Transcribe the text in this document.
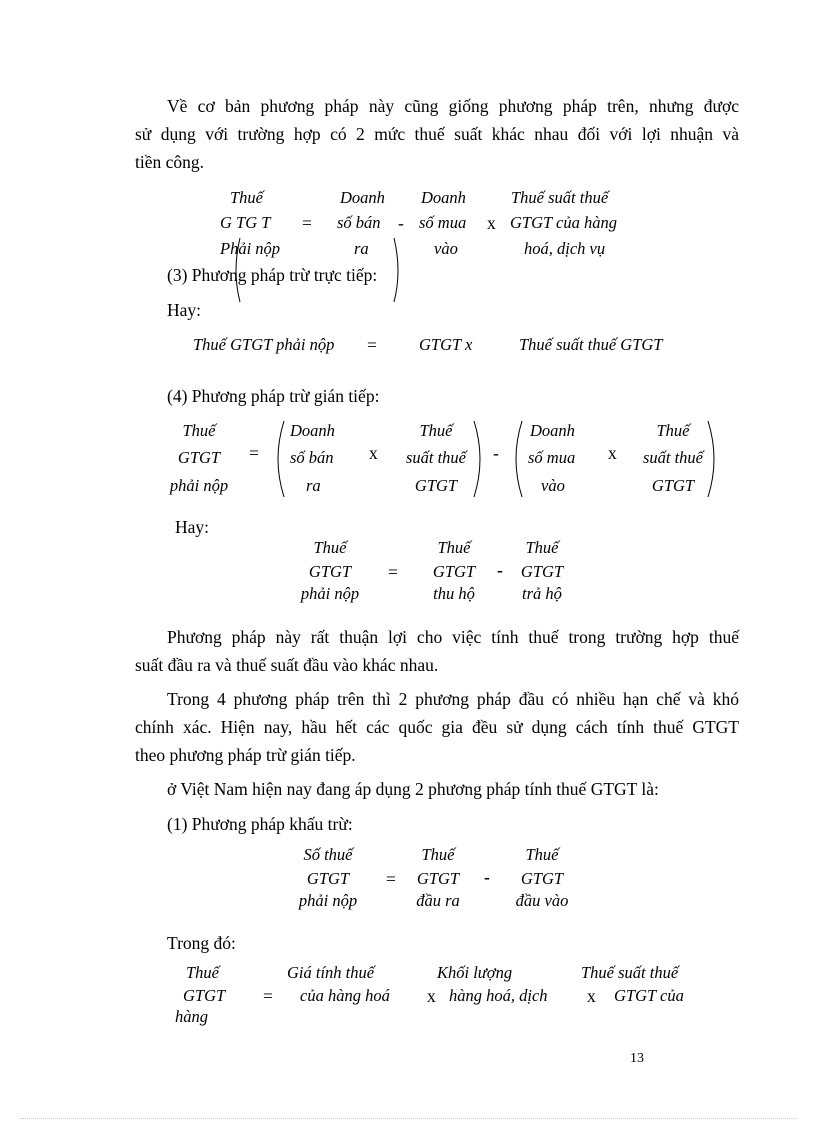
Về cơ bản phương pháp này cũng giống phương pháp trên, nhưng được
sử dụng với trường hợp có 2 mức thuế suất khác nhau đối với lợi nhuận và
tiền công.
Thuế
G TG T
Phải nộp
=
Doanh
số bán
ra
-
Doanh
số mua
vào
x
Thuế suất thuế
GTGT của hàng
hoá, dịch vụ
(3) Phương pháp trừ trực tiếp:
Hay:
Thuế GTGT phải nộp =	GTGT x	Thuế suất thuế GTGT
(4) Phương pháp trừ gián tiếp:
Thuế
GTGT
phải nộp
=
Doanh
số bán
ra
x
Thuế
suất thuế
GTGT
-
Doanh
số mua
vào
x
Thuế
suất thuế
GTGT
Hay:
Thuế
GTGT
phải nộp
=
Thuế
GTGT
thu hộ
-
Thuế
GTGT
trả hộ
Phương pháp này rất thuận lợi cho việc tính thuế trong trường hợp thuế
suất đầu ra và thuế suất đầu vào khác nhau.
Trong 4 phương pháp trên thì 2 phương pháp đầu có nhiều hạn chế và khó
chính xác. Hiện nay, hầu hết các quốc gia đều sử dụng cách tính thuế GTGT
theo phương pháp trừ gián tiếp.
ở Việt Nam hiện nay đang áp dụng 2 phương pháp tính thuế GTGT là:
(1) Phương pháp khấu trừ:
Số thuế
GTGT
phải nộp
=
Thuế
GTGT
đầu ra
-
Thuế
GTGT
đầu vào
Trong đó:
Thuế
GTGT
hàng
=
Giá tính thuế
của hàng hoá x
Khối lượng
hàng hoá, dịch x
Thuế suất thuế
GTGT của
13
